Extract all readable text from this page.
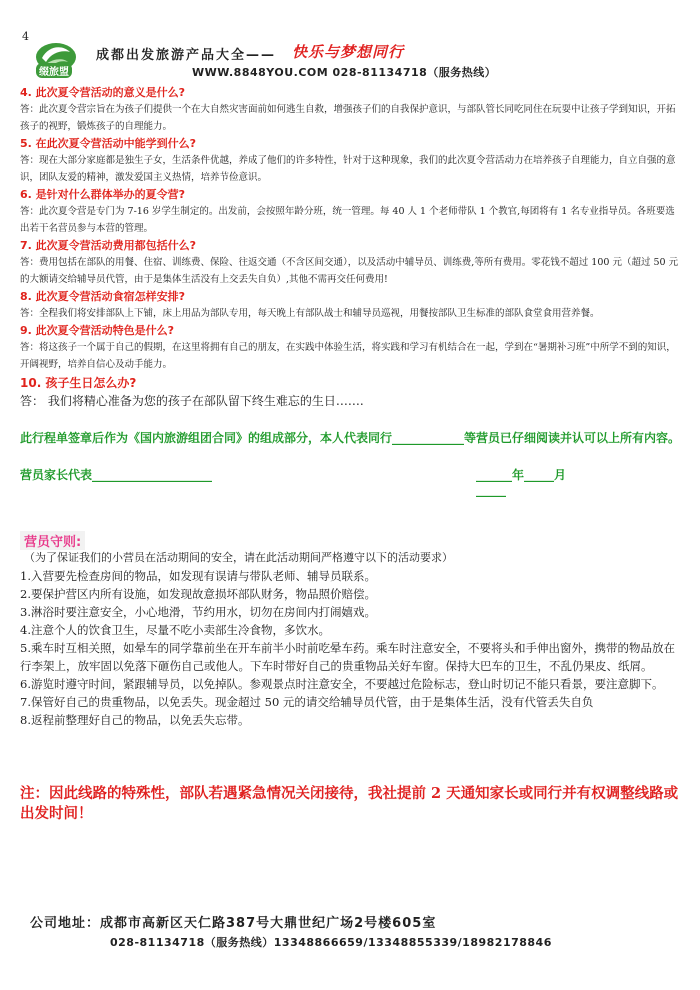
4
缀旅盟
成都出发旅游产品大全—— 快乐与梦想同行
WWW.8848YOU.COM 028-81134718（服务热线）
4. 此次夏令营活动的意义是什么?
答：此次夏令营宗旨在为孩子们提供一个在大自然灾害面前如何逃生自救，增强孩子们的自我保护意识，与部队管长同吃同住在玩耍中让孩子学到知识，开拓孩子的视野，锻炼孩子的自理能力。
5. 在此次夏令营活动中能学到什么?
答：现在大部分家庭都是独生子女，生活条件优越，养成了他们的许多特性，针对于这种现象，我们的此次夏令营活动力在培养孩子自理能力，自立自强的意识，团队友爱的精神，激发爱国主义热情，培养节俭意识。
6. 是针对什么群体举办的夏令营?
答：此次夏令营是专门为 7-16 岁学生制定的。出发前，会按照年龄分班，统一管理。每 40 人 1 个老师带队 1 个教官,每团将有 1 名专业指导员。各班要选出若干名营员参与本营的管理。
7. 此次夏令营活动费用都包括什么?
答：费用包括在部队的用餐、住宿、训练费、保险、往返交通（不含区间交通），以及活动中辅导员、训练费,等所有费用。零花钱不超过 100 元（超过 50 元的大额请交给辅导员代管，由于是集体生活没有上交丢失自负）,其他不需再交任何费用!
8. 此次夏令营活动食宿怎样安排?
答：全程我们将安排部队上下铺，床上用品为部队专用，每天晚上有部队战士和辅导员巡视，用餐按部队卫生标准的部队食堂食用营养餐。
9. 此次夏令营活动特色是什么?
答：将这孩子一个属于自己的假期，在这里将拥有自己的朋友，在实践中体验生活，将实践和学习有机结合在一起，学到在“暑期补习班”中所学不到的知识，开阔视野，培养自信心及动手能力。
10. 孩子生日怎么办?
答： 我们将精心准备为您的孩子在部队留下终生难忘的生日…….
此行程单签章后作为《国内旅游组团合同》的组成部分，本人代表同行____________等营员已仔细阅读并认可以上所有内容。
营员家长代表____________________	______年_____月_____
营员守则:
（为了保证我们的小营员在活动期间的安全，请在此活动期间严格遵守以下的活动要求）
1.入营要先检查房间的物品，如发现有误请与带队老师、辅导员联系。
2.要保护营区内所有设施，如发现故意损坏部队财务，物品照价赔偿。
3.淋浴时要注意安全，小心地滑，节约用水，切勿在房间内打闹嬉戏。
4.注意个人的饮食卫生，尽量不吃小卖部生冷食物，多饮水。
5.乘车时互相关照，如晕车的同学靠前坐在开车前半小时前吃晕车药。乘车时注意安全，不要将头和手伸出窗外，携带的物品放在行李架上，放牢固以免落下砸伤自己或他人。下车时带好自己的贵重物品关好车窗。保持大巴车的卫生，不乱仍果皮、纸屑。
6.游览时遵守时间，紧跟辅导员，以免掉队。参观景点时注意安全，不要越过危险标志，登山时切记不能只看景，要注意脚下。
7.保管好自己的贵重物品，以免丢失。现金超过 50 元的请交给辅导员代管，由于是集体生活，没有代管丢失自负
8.返程前整理好自己的物品，以免丢失忘带。
注：因此线路的特殊性，部队若遇紧急情况关闭接待，我社提前 2 天通知家长或同行并有权调整线路或出发时间！
公司地址：成都市高新区天仁路387号大鼎世纪广场2号楼605室
028-81134718（服务热线）13348866659/13348855339/18982178846
